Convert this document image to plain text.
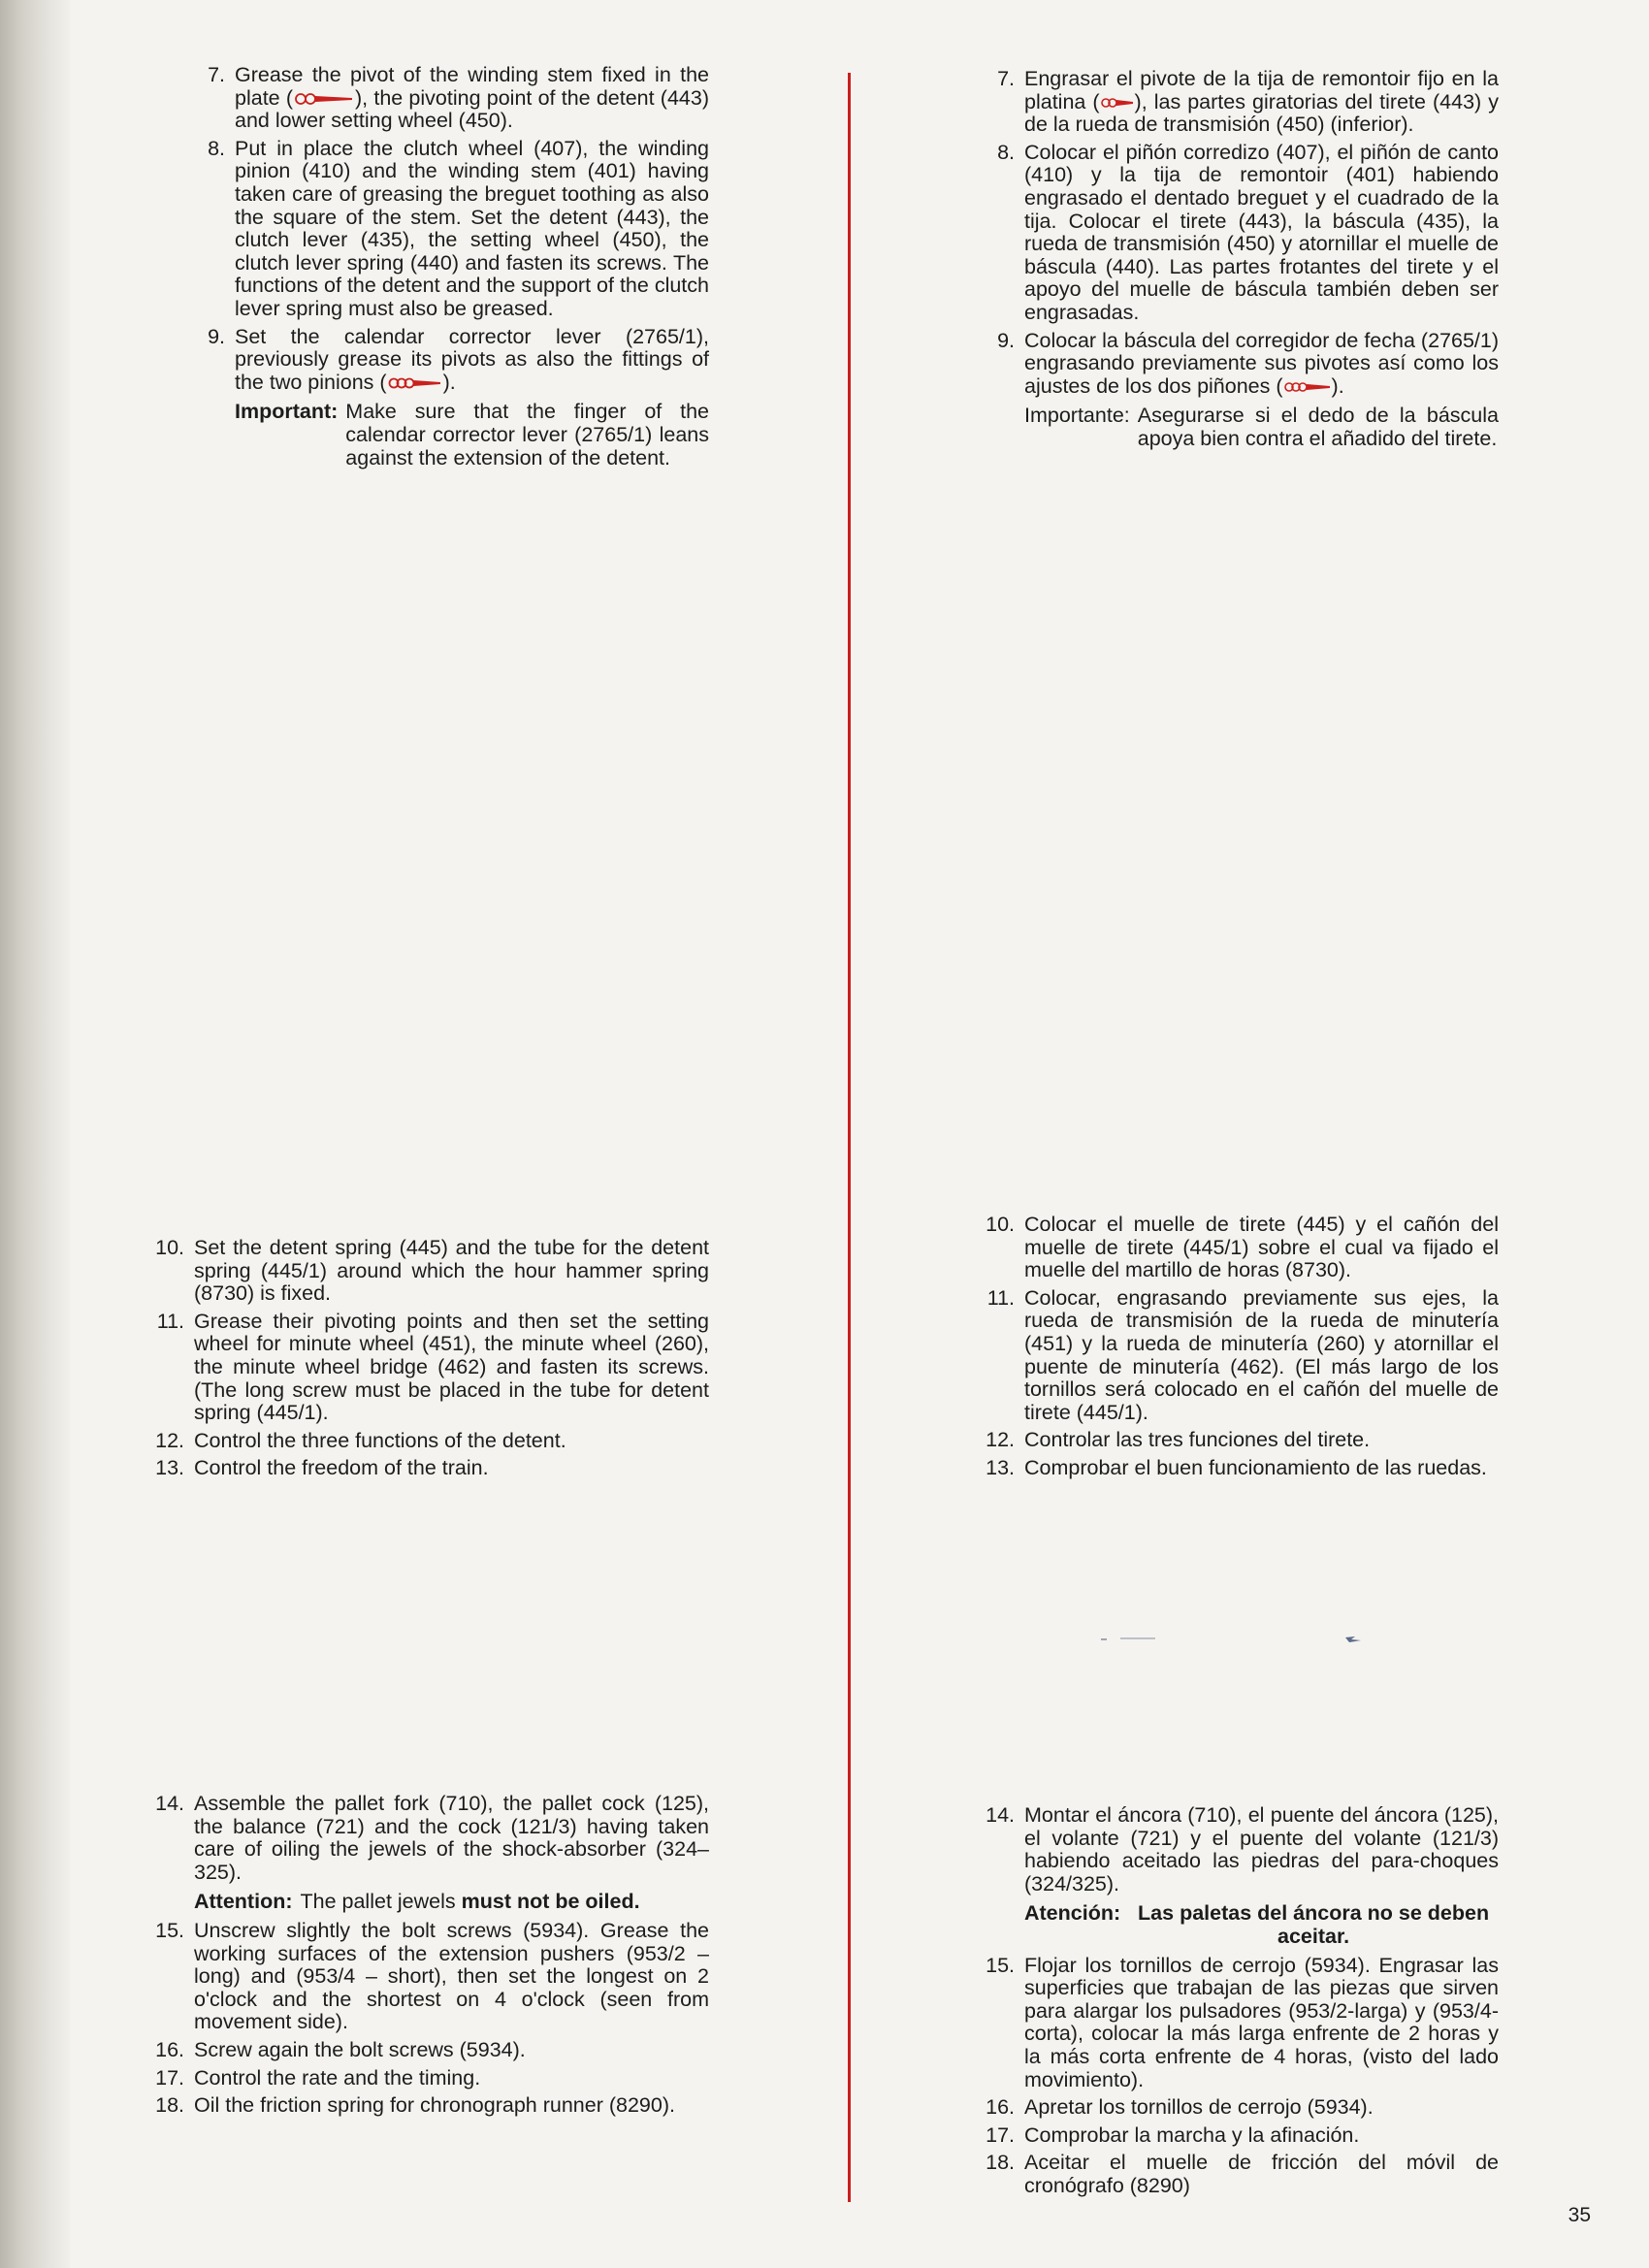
7. Grease the pivot of the winding stem fixed in the plate (	), the pivoting point of the detent (443) and lower setting wheel (450).
8. Put in place the clutch wheel (407), the winding pinion (410) and the winding stem (401) having taken care of greasing the breguet toothing as also the square of the stem. Set the detent (443), the clutch lever (435), the setting wheel (450), the clutch lever spring (440) and fasten its screws. The functions of the detent and the support of the clutch lever spring must also be greased.
9. Set the calendar corrector lever (2765/1), previously grease its pivots as also the fittings of the two pinions (	).
Important: Make sure that the finger of the calendar corrector lever (2765/1) leans against the extension of the detent.
10. Set the detent spring (445) and the tube for the detent spring (445/1) around which the hour hammer spring (8730) is fixed.
11. Grease their pivoting points and then set the setting wheel for minute wheel (451), the minute wheel (260), the minute wheel bridge (462) and fasten its screws. (The long screw must be placed in the tube for detent spring (445/1).
12. Control the three functions of the detent.
13. Control the freedom of the train.
14. Assemble the pallet fork (710), the pallet cock (125), the balance (721) and the cock (121/3) having taken care of oiling the jewels of the shock-absorber (324–325).
Attention: The pallet jewels must not be oiled.
15. Unscrew slightly the bolt screws (5934). Grease the working surfaces of the extension pushers (953/2 – long) and (953/4 – short), then set the longest on 2 o'clock and the shortest on 4 o'clock (seen from movement side).
16. Screw again the bolt screws (5934).
17. Control the rate and the timing.
18. Oil the friction spring for chronograph runner (8290).
7. Engrasar el pivote de la tija de remontoir fijo en la platina ( ), las partes giratorias del tirete (443) y de la rueda de transmisión (450) (inferior).
8. Colocar el piñón corredizo (407), el piñón de canto (410) y la tija de remontoir (401) habiendo engrasado el dentado breguet y el cuadrado de la tija. Colocar el tirete (443), la báscula (435), la rueda de transmisión (450) y atornillar el muelle de báscula (440). Las partes frotantes del tirete y el apoyo del muelle de báscula también deben ser engrasadas.
9. Colocar la báscula del corregidor de fecha (2765/1) engrasando previamente sus pivotes así como los ajustes de los dos piñones ( ).
Importante: Asegurarse si el dedo de la báscula apoya bien contra el añadido del tirete.
10. Colocar el muelle de tirete (445) y el cañón del muelle de tirete (445/1) sobre el cual va fijado el muelle del martillo de horas (8730).
11. Colocar, engrasando previamente sus ejes, la rueda de transmisión de la rueda de minutería (451) y la rueda de minutería (260) y atornillar el puente de minutería (462). (El más largo de los tornillos será colocado en el cañón del muelle de tirete (445/1).
12. Controlar las tres funciones del tirete.
13. Comprobar el buen funcionamiento de las ruedas.
14. Montar el áncora (710), el puente del áncora (125), el volante (721) y el puente del volante (121/3) habiendo aceitado las piedras del para-choques (324/325).
Atención: Las paletas del áncora no se deben aceitar.
15. Flojar los tornillos de cerrojo (5934). Engrasar las superficies que trabajan de las piezas que sirven para alargar los pulsadores (953/2-larga) y (953/4-corta), colocar la más larga enfrente de 2 horas y la más corta enfrente de 4 horas, (visto del lado movimiento).
16. Apretar los tornillos de cerrojo (5934).
17. Comprobar la marcha y la afinación.
18. Aceitar el muelle de fricción del móvil de cronógrafo (8290)
35
